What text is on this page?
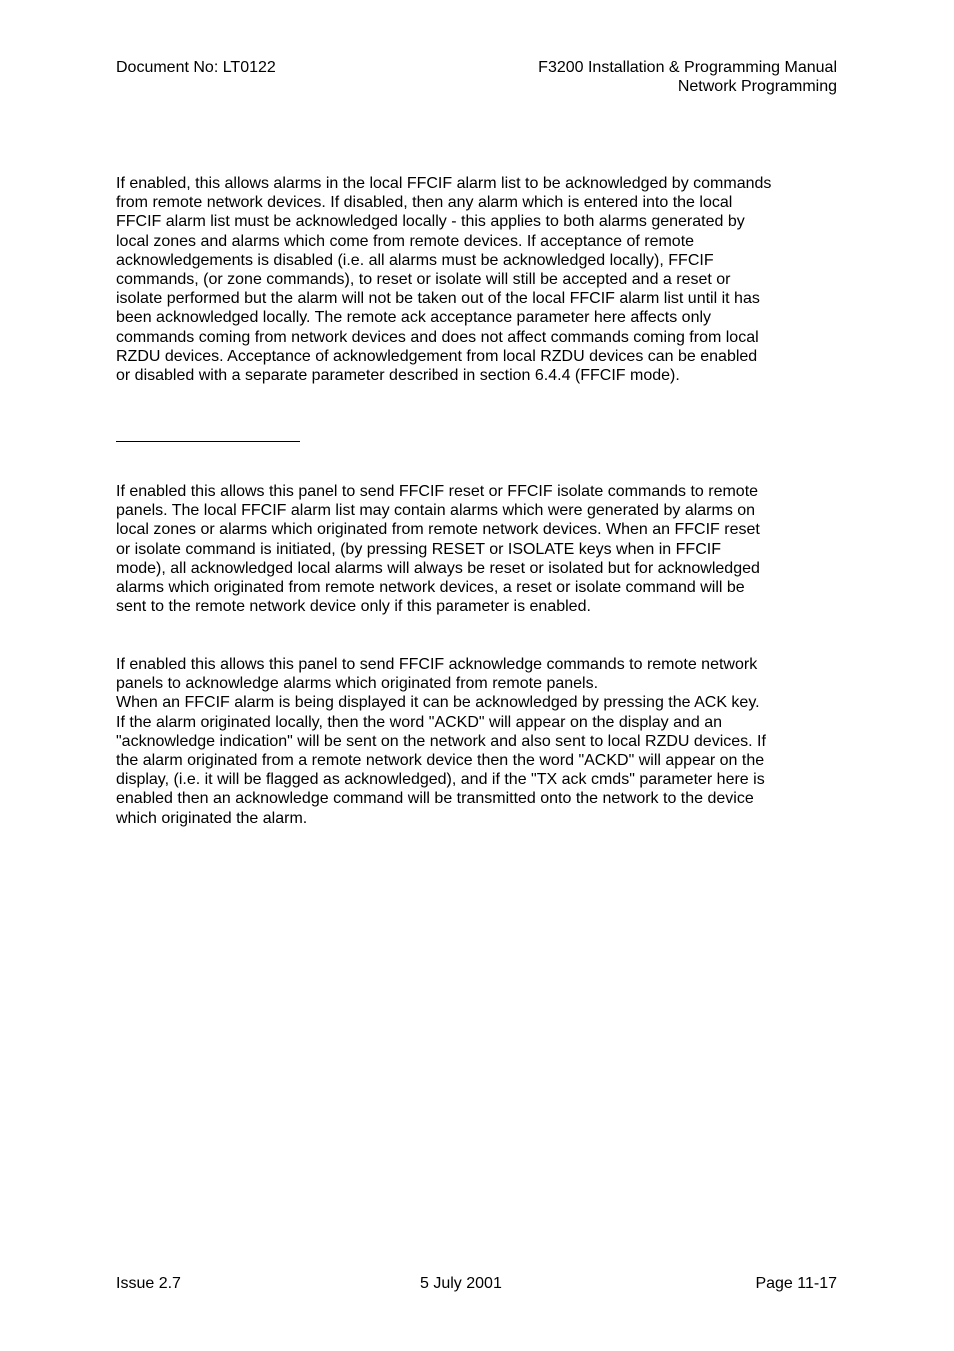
Document No: LT0122	F3200 Installation & Programming Manual
Network Programming
If enabled, this allows alarms in the local FFCIF alarm list to be acknowledged by commands
from remote network devices. If disabled, then any alarm which is entered into the local
FFCIF alarm list must be acknowledged locally - this applies to both alarms generated by
local zones and alarms which come from remote devices. If acceptance of remote
acknowledgements is disabled (i.e. all alarms must be acknowledged locally), FFCIF
commands, (or zone commands), to reset or isolate will still be accepted and a reset or
isolate performed but the alarm will not be taken out of the local FFCIF alarm list until it has
been acknowledged locally. The remote ack acceptance parameter here affects only
commands coming from network devices and does not affect commands coming from local
RZDU devices. Acceptance of acknowledgement from local RZDU devices can be enabled
or disabled with a separate parameter described in section 6.4.4 (FFCIF mode).
If enabled this allows this panel to send FFCIF reset or FFCIF isolate commands to remote
panels. The local FFCIF alarm list may contain alarms which were generated by alarms on
local zones or alarms which originated from remote network devices. When an FFCIF reset
or isolate command is initiated, (by pressing RESET or ISOLATE keys when in FFCIF
mode), all acknowledged local alarms will always be reset or isolated but for acknowledged
alarms which originated from remote network devices, a reset or isolate command will be
sent to the remote network device only if this parameter is enabled.
If enabled this allows this panel to send FFCIF acknowledge commands to remote network
panels to acknowledge alarms which originated from remote panels.
When an FFCIF alarm is being displayed it can be acknowledged by pressing the ACK key.
If the alarm originated locally, then the word "ACKD" will appear on the display and an
"acknowledge indication" will be sent on the network and also sent to local RZDU devices. If
the alarm originated from a remote network device then the word "ACKD" will appear on the
display, (i.e. it will be flagged as acknowledged), and if the "TX ack cmds" parameter here is
enabled then an acknowledge command will be transmitted onto the network to the device
which originated the alarm.
Issue 2.7	5 July 2001	Page 11-17
